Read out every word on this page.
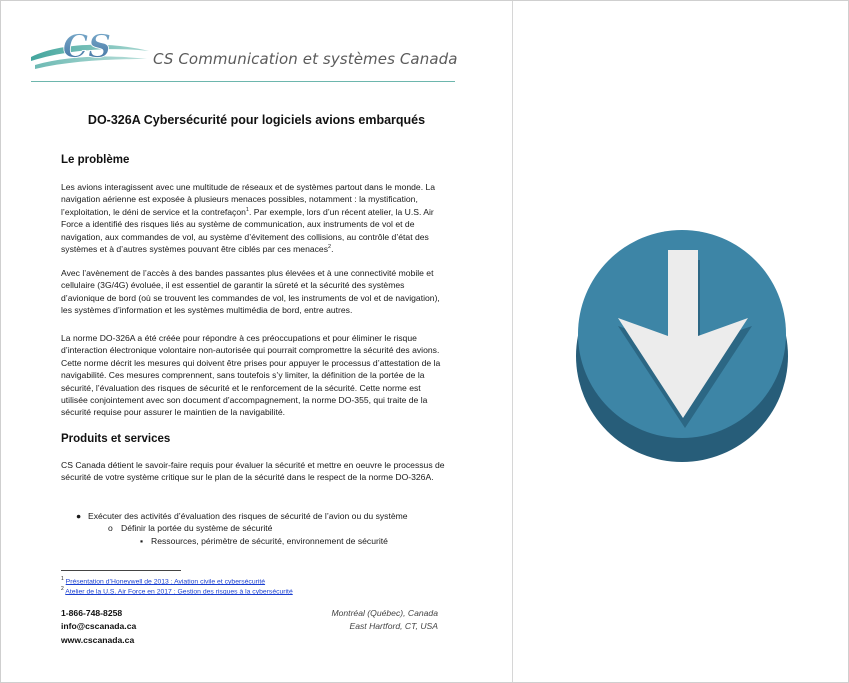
CS	CS Communication et systèmes Canada
DO-326A Cybersécurité pour logiciels avions embarqués
Le problème

Les avions interagissent avec une multitude de réseaux et de systèmes partout dans le monde. La navigation aérienne est exposée à plusieurs menaces possibles, notamment : la mystification, l’exploitation, le déni de service et la contrefaçon$^1$. Par exemple, lors d’un récent atelier, la U.S. Air Force a identifié des risques liés au système de communication, aux instruments de vol et de navigation, aux commandes de vol, au système d’évitement des collisions, au contrôle d’état des systèmes et à d’autres systèmes pouvant être ciblés par ces menaces$^2$.

Avec l’avènement de l’accès à des bandes passantes plus élevées et à une connectivité mobile et cellulaire (3G/4G) évoluée, il est essentiel de garantir la sûreté et la sécurité des systèmes d’avionique de bord (où se trouvent les commandes de vol, les instruments de vol et de navigation), les systèmes d’information et les systèmes multimédia de bord, entre autres.

La norme DO-326A a été créée pour répondre à ces préoccupations et pour éliminer le risque d’interaction électronique volontaire non-autorisée qui pourrait compromettre la sécurité des avions. Cette norme décrit les mesures qui doivent être prises pour appuyer le processus d’attestation de la navigabilité. Ces mesures comprennent, sans toutefois s’y limiter, la définition de la portée de la sécurité, l’évaluation des risques de sécurité et le renforcement de la sécurité. Cette norme est utilisée conjointement avec son document d’accompagnement, la norme DO-355, qui traite de la sécurité requise pour assurer le maintien de la navigabilité.

Produits et services

CS Canada détient le savoir-faire requis pour évaluer la sécurité et mettre en oeuvre le processus de sécurité de votre système critique sur le plan de la sécurité dans le respect de la norme DO-326A.

● Exécuter des activités d’évaluation des risques de sécurité de l’avion ou du système
o Définir la portée du système de sécurité
▪ Ressources, périmètre de sécurité, environnement de sécurité
$^1$ Présentation d’Honeywell de 2013 : Aviation civile et cybersécurité
$^2$ Atelier de la U.S. Air Force en 2017 : Gestion des risques à la cybersécurité
1-866-748-8258
info@cscanada.ca
www.cscanada.ca
Montréal (Québec), Canada
East Hartford, CT, USA
